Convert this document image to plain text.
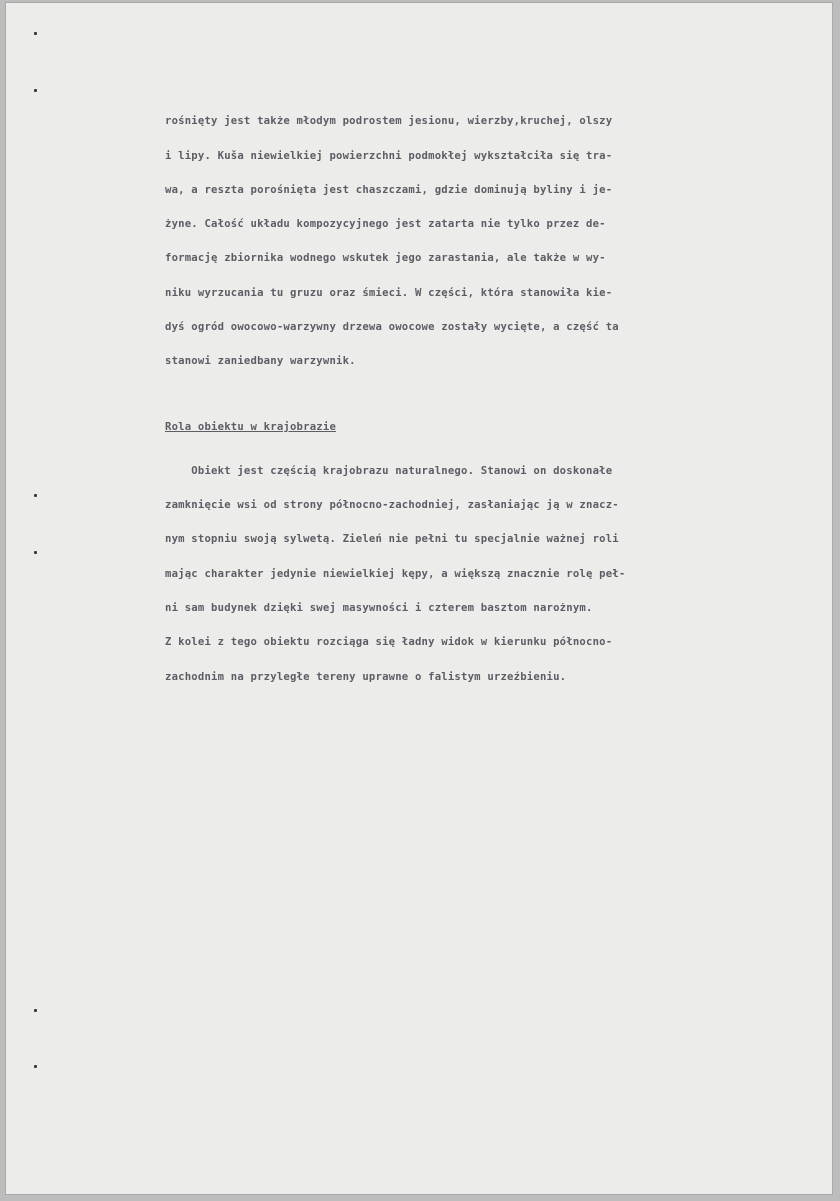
rośnięty jest także młodym podrostem jesionu, wierzby,kruchej, olszy
i lipy. Kuša niewielkiej powierzchni podmokłej wykształciła się tra-
wa, a reszta porośnięta jest chaszczami, gdzie dominują byliny i je-
żyne. Całość układu kompozycyjnego jest zatarta nie tylko przez de-
formację zbiornika wodnego wskutek jego zarastania, ale także w wy-
niku wyrzucania tu gruzu oraz śmieci. W części, która stanowiła kie-
dyś ogród owocowo-warzywny drzewa owocowe zostały wycięte, a część ta
stanowi zaniedbany warzywnik.
Rola obiektu w krajobrazie
Obiekt jest częścią krajobrazu naturalnego. Stanowi on doskonałe
zamknięcie wsi od strony północno-zachodniej, zasłaniając ją w znacz-
nym stopniu swoją sylwetą. Zieleń nie pełni tu specjalnie ważnej roli
mając charakter jedynie niewielkiej kępy, a większą znacznie rolę peł-
ni sam budynek dzięki swej masywności i czterem basztom narożnym.
Z kolei z tego obiektu rozciąga się ładny widok w kierunku północno-
zachodnim na przyległe tereny uprawne o falistym urzeźbieniu.
